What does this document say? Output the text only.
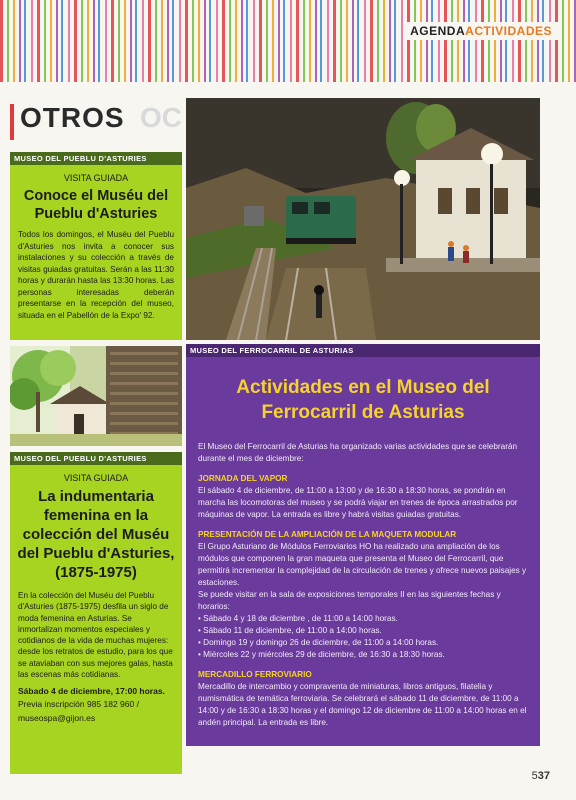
AGENDAACTIVIDADES
OTROS OC
MUSEO DEL PUEBLU D'ASTURIES
VISITA GUIADA
Conoce el Muséu del Pueblu d'Asturies
Todos los domingos, el Muséu del Pueblu d'Asturies nos invita a conocer sus instalaciones y su colección a través de visitas guiadas gratuitas. Serán a las 11:30 horas y durarán hasta las 13:30 horas. Las personas interesadas deberán presentarse en la recepción del museo, situada en el Pabellón de la Expo' 92.
MUSEO DEL PUEBLU D'ASTURIES
VISITA GUIADA
La indumentaria femenina en la colección del Muséu del Pueblu d'Asturies, (1875-1975)
En la colección del Muséu del Pueblu d'Asturies (1875-1975) desfila un siglo de moda femenina en Asturias. Se inmortalizan momentos especiales y cotidianos de la vida de muchas mujeres: desde los retratos de estudio, para los que se ataviaban con sus mejores galas, hasta las escenas más cotidianas.
Sábado 4 de diciembre, 17:00 horas.
Previa inscripción 985 182 960 /
museospa@gijon.es
MUSEO DEL FERROCARRIL DE ASTURIAS
Actividades en el Museo del Ferrocarril de Asturias
El Museo del Ferrocarril de Asturias ha organizado varias actividades que se celebrarán durante el mes de diciembre:
JORNADA DEL VAPOR
El sábado 4 de diciembre, de 11:00 a 13:00 y de 16:30 a 18:30 horas, se pondrán en marcha las locomotoras del museo y se podrá viajar en trenes de época arrastrados por máquinas de vapor. La entrada es libre y habrá visitas guiadas gratuitas.
PRESENTACIÓN DE LA AMPLIACIÓN DE LA MAQUETA MODULAR
El Grupo Asturiano de Módulos Ferroviarios HO ha realizado una ampliación de los módulos que componen la gran maqueta que presenta el Museo del Ferrocarril, que permitirá incrementar la complejidad de la circulación de trenes y ofrece nuevos paisajes y estaciones.
Se puede visitar en la sala de exposiciones temporales II en las siguientes fechas y horarios:
• Sábado 4 y 18 de diciembre , de 11:00 a 14:00 horas.
• Sábado 11 de diciembre, de 11:00 a 14:00 horas.
• Domingo 19 y domingo 26 de diciembre, de 11:00 a 14:00 horas.
• Miércoles 22 y miércoles 29 de diciembre, de 16:30 a 18:30 horas.
MERCADILLO FERROVIARIO
Mercadillo de intercambio y compraventa de miniaturas, libros antiguos, filatelia y numismática de temática ferroviaria. Se celebrará el sábado 11 de diciembre, de 11:00 a 14:00 y de 16:30 a 18:30 horas y el domingo 12 de diciembre de 11:00 a 14:00 horas en el andén principal. La entrada es libre.
537
